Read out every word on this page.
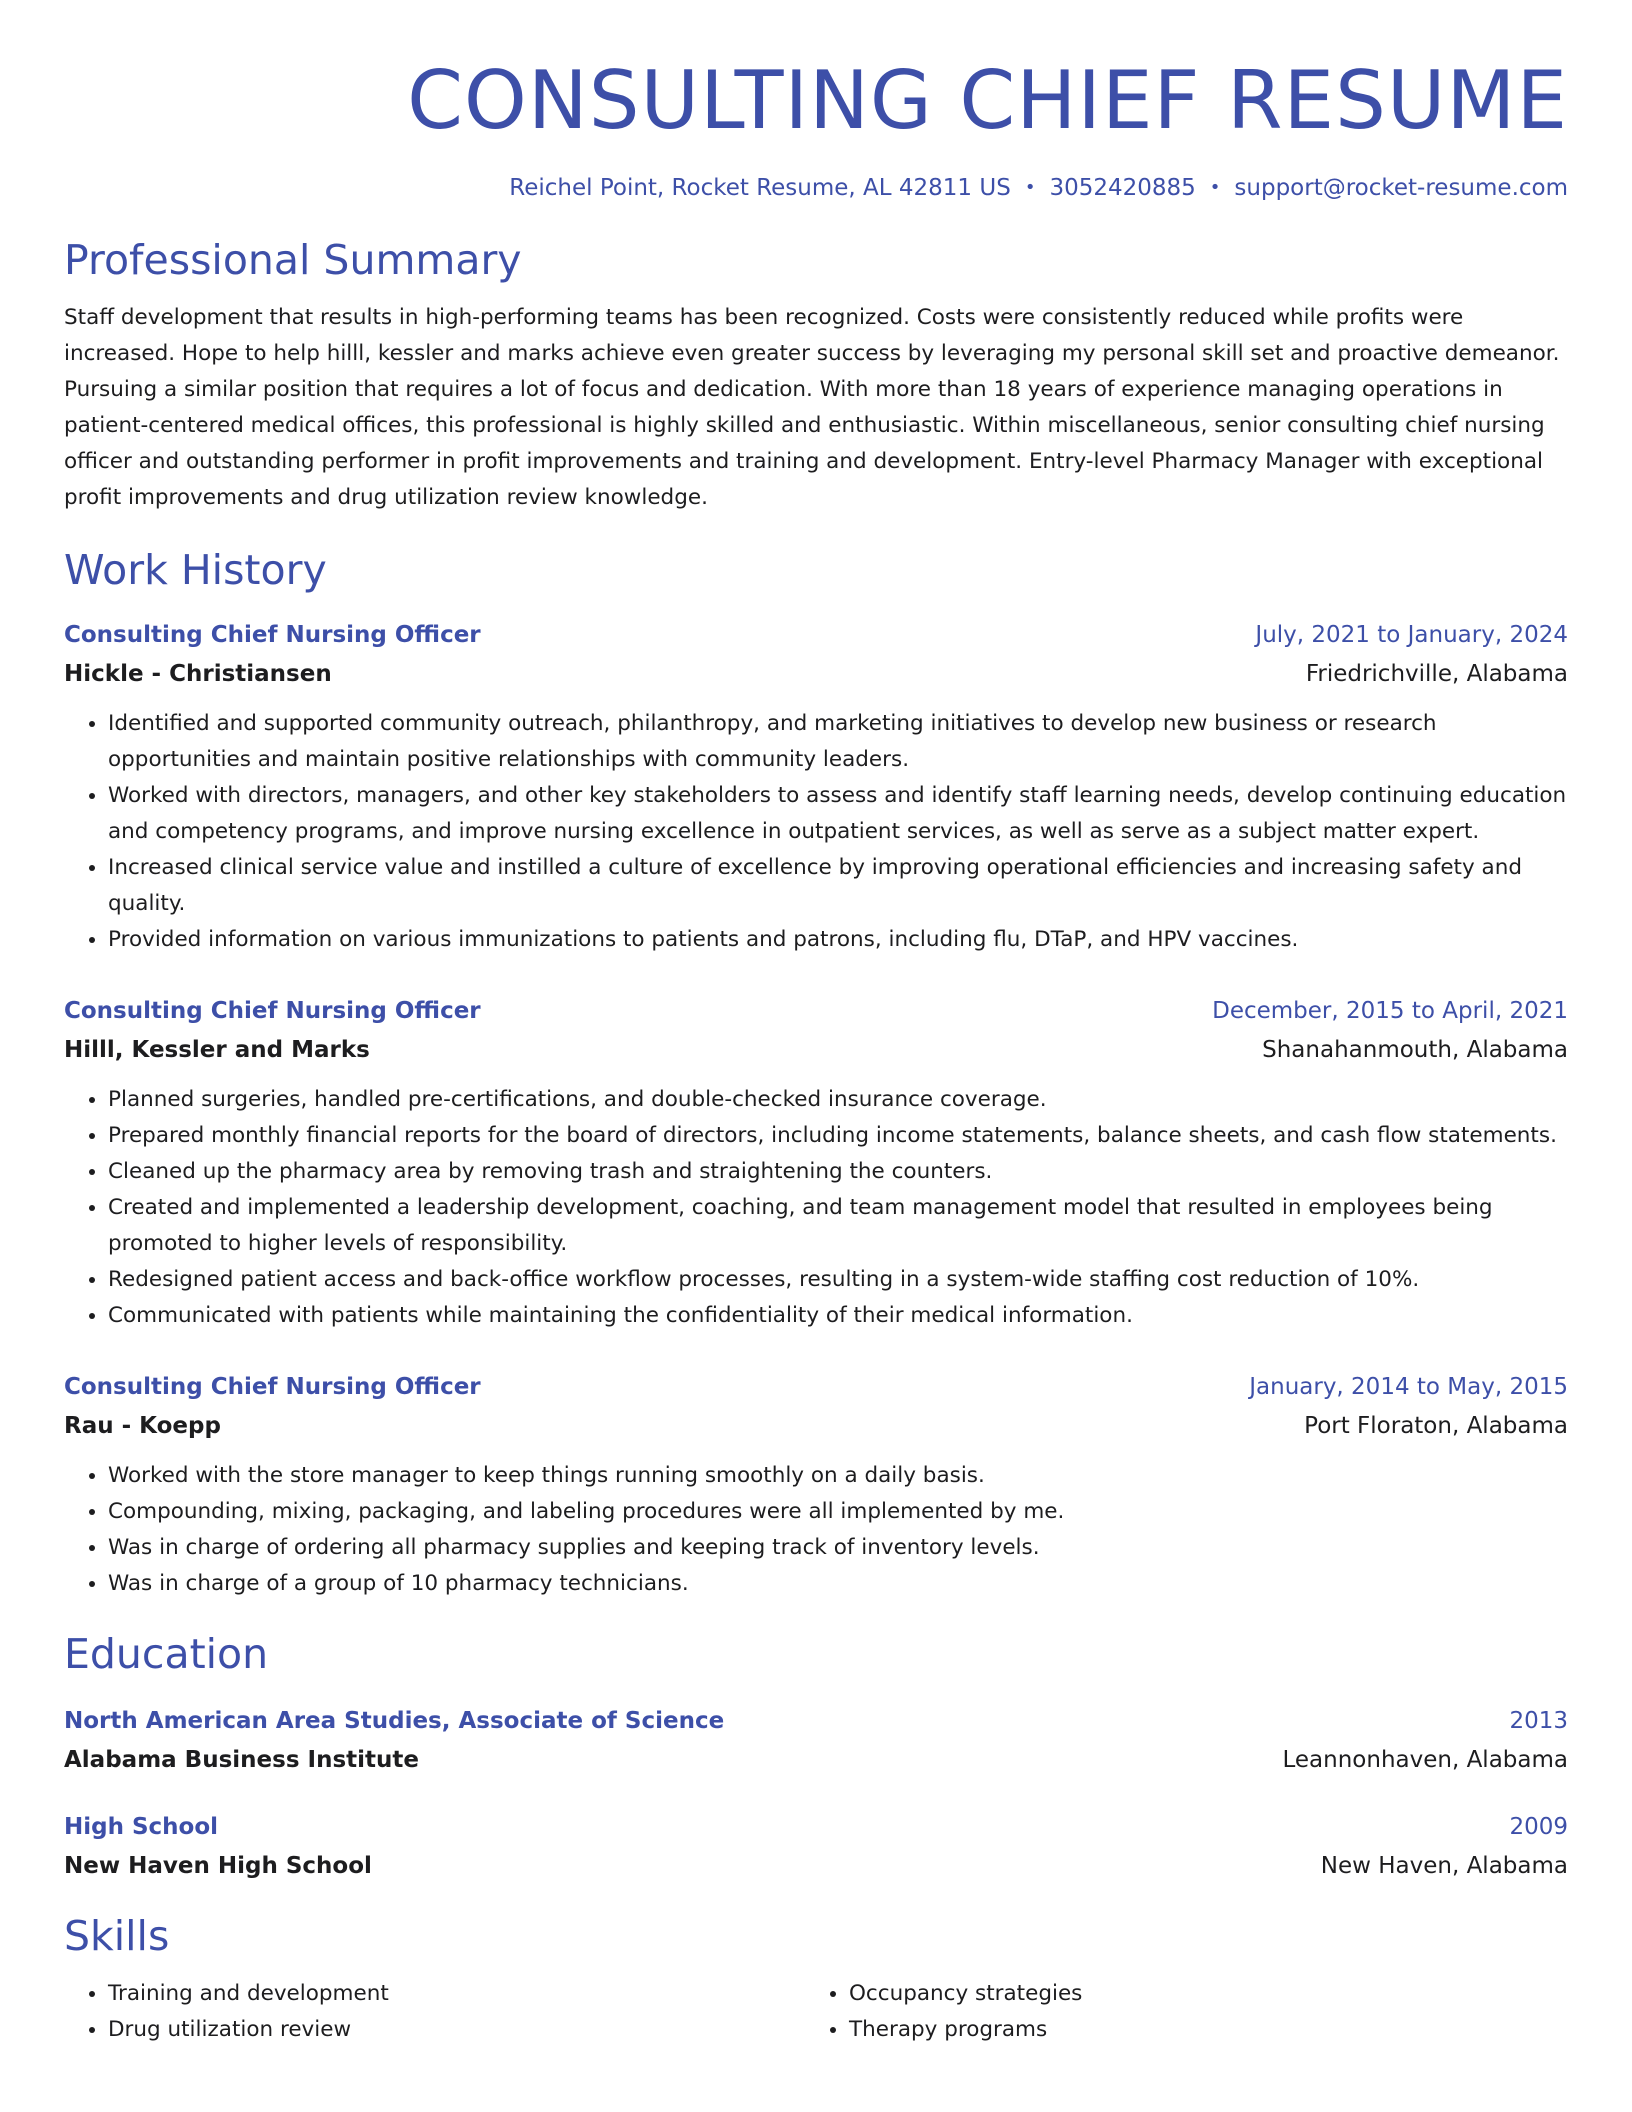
CONSULTING CHIEF RESUME
Reichel Point, Rocket Resume, AL 42811 US • 3052420885 • support@rocket-resume.com
Professional Summary
Staff development that results in high-performing teams has been recognized. Costs were consistently reduced while profits were increased. Hope to help hilll, kessler and marks achieve even greater success by leveraging my personal skill set and proactive demeanor. Pursuing a similar position that requires a lot of focus and dedication. With more than 18 years of experience managing operations in patient-centered medical offices, this professional is highly skilled and enthusiastic. Within miscellaneous, senior consulting chief nursing officer and outstanding performer in profit improvements and training and development. Entry-level Pharmacy Manager with exceptional profit improvements and drug utilization review knowledge.
Work History
Consulting Chief Nursing Officer	July, 2021 to January, 2024
Hickle - Christiansen	Friedrichville, Alabama
• Identified and supported community outreach, philanthropy, and marketing initiatives to develop new business or research opportunities and maintain positive relationships with community leaders.
• Worked with directors, managers, and other key stakeholders to assess and identify staff learning needs, develop continuing education and competency programs, and improve nursing excellence in outpatient services, as well as serve as a subject matter expert.
• Increased clinical service value and instilled a culture of excellence by improving operational efficiencies and increasing safety and quality.
• Provided information on various immunizations to patients and patrons, including flu, DTaP, and HPV vaccines.
Consulting Chief Nursing Officer	December, 2015 to April, 2021
Hilll, Kessler and Marks	Shanahanmouth, Alabama
• Planned surgeries, handled pre-certifications, and double-checked insurance coverage.
• Prepared monthly financial reports for the board of directors, including income statements, balance sheets, and cash flow statements.
• Cleaned up the pharmacy area by removing trash and straightening the counters.
• Created and implemented a leadership development, coaching, and team management model that resulted in employees being promoted to higher levels of responsibility.
• Redesigned patient access and back-office workflow processes, resulting in a system-wide staffing cost reduction of 10%.
• Communicated with patients while maintaining the confidentiality of their medical information.
Consulting Chief Nursing Officer	January, 2014 to May, 2015
Rau - Koepp	Port Floraton, Alabama
• Worked with the store manager to keep things running smoothly on a daily basis.
• Compounding, mixing, packaging, and labeling procedures were all implemented by me.
• Was in charge of ordering all pharmacy supplies and keeping track of inventory levels.
• Was in charge of a group of 10 pharmacy technicians.
Education
North American Area Studies, Associate of Science	2013
Alabama Business Institute	Leannonhaven, Alabama
High School	2009
New Haven High School	New Haven, Alabama
Skills
• Training and development
• Drug utilization review
• Occupancy strategies
• Therapy programs
